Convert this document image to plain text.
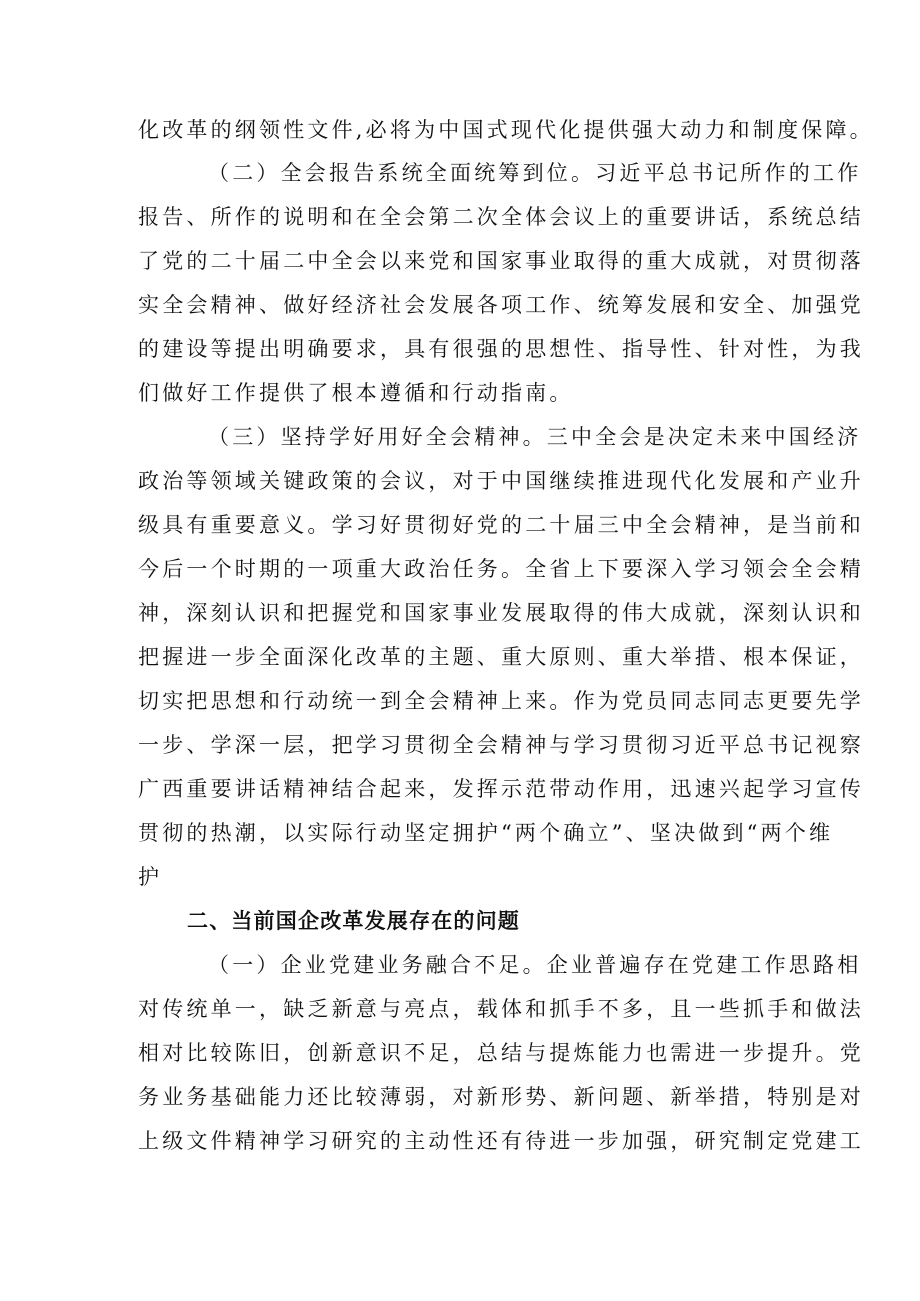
化改革的纲领性文件,必将为中国式现代化提供强大动力和制度保障。
（二）全会报告系统全面统筹到位。习近平总书记所作的工作
报告、所作的说明和在全会第二次全体会议上的重要讲话，系统总结
了党的二十届二中全会以来党和国家事业取得的重大成就，对贯彻落
实全会精神、做好经济社会发展各项工作、统筹发展和安全、加强党
的建设等提出明确要求，具有很强的思想性、指导性、针对性，为我
们做好工作提供了根本遵循和行动指南。
（三）坚持学好用好全会精神。三中全会是决定未来中国经济
政治等领域关键政策的会议，对于中国继续推进现代化发展和产业升
级具有重要意义。学习好贯彻好党的二十届三中全会精神，是当前和
今后一个时期的一项重大政治任务。全省上下要深入学习领会全会精
神，深刻认识和把握党和国家事业发展取得的伟大成就，深刻认识和
把握进一步全面深化改革的主题、重大原则、重大举措、根本保证，
切实把思想和行动统一到全会精神上来。作为党员同志同志更要先学
一步、学深一层，把学习贯彻全会精神与学习贯彻习近平总书记视察
广西重要讲话精神结合起来，发挥示范带动作用，迅速兴起学习宣传
贯彻的热潮，以实际行动坚定拥护“两个确立”、坚决做到“两个维
护
二、当前国企改革发展存在的问题
（一）企业党建业务融合不足。企业普遍存在党建工作思路相
对传统单一，缺乏新意与亮点，载体和抓手不多，且一些抓手和做法
相对比较陈旧，创新意识不足，总结与提炼能力也需进一步提升。党
务业务基础能力还比较薄弱，对新形势、新问题、新举措，特别是对
上级文件精神学习研究的主动性还有待进一步加强，研究制定党建工
